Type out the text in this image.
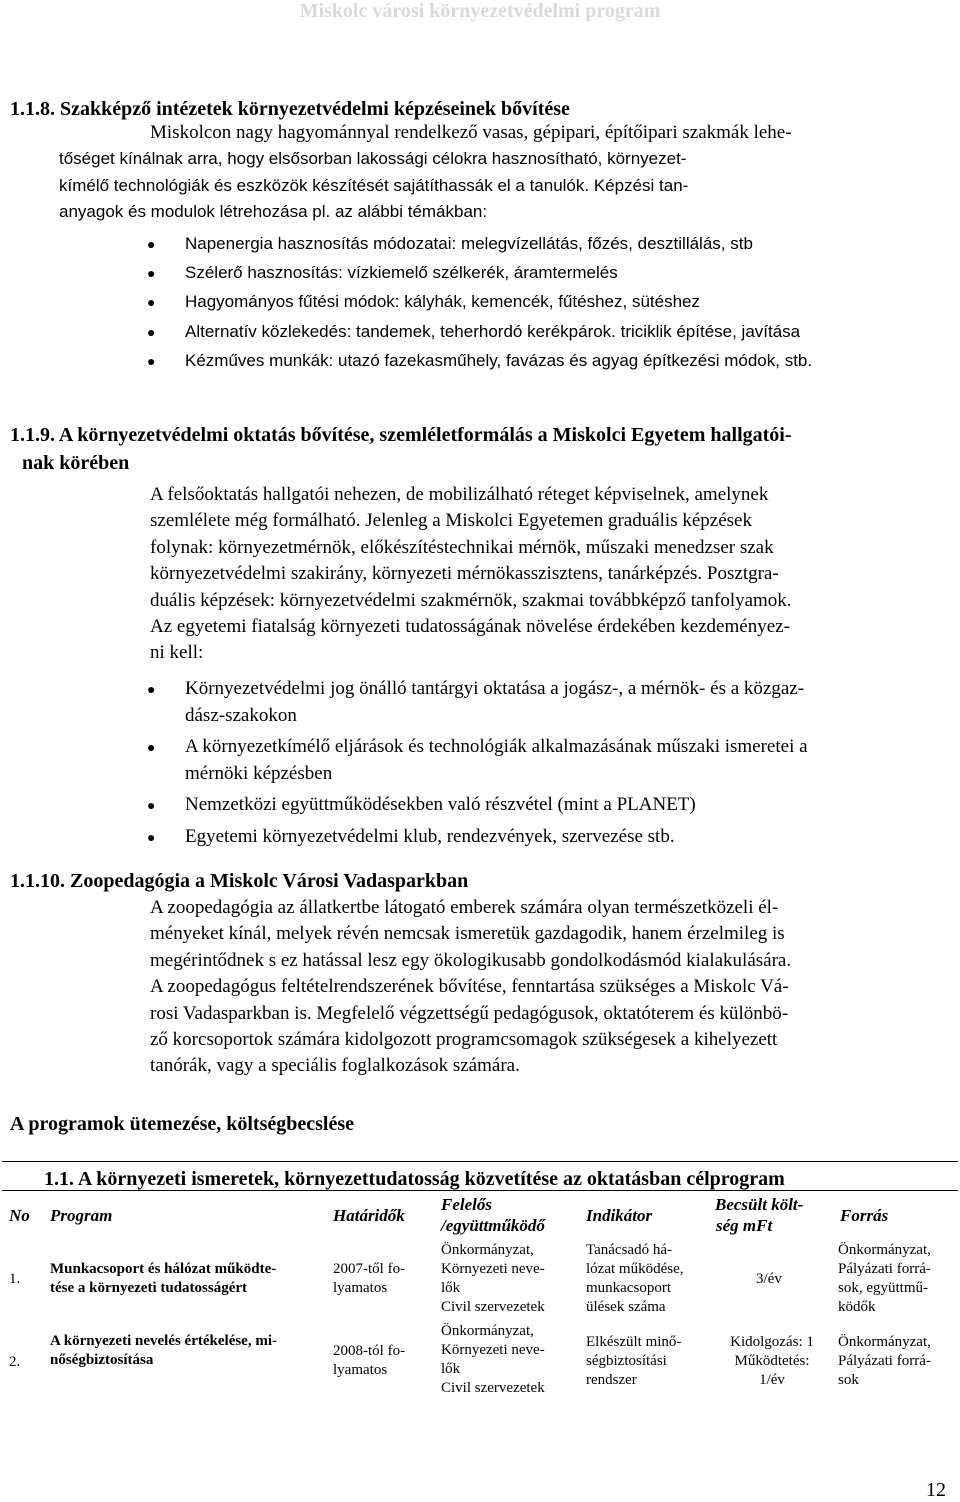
Miskolc városi környezetvédelmi program
1.1.8. Szakképző intézetek környezetvédelmi képzéseinek bővítése
Miskolcon nagy hagyománnyal rendelkező vasas, gépipari, építőipari szakmák lehe-
tőséget kínálnak arra, hogy elsősorban lakossági célokra hasznosítható, környezet-
kímélő technológiák és eszközök készítését sajátíthassák el a tanulók. Képzési tan-
anyagok és modulok létrehozása pl. az alábbi témákban:
● Napenergia hasznosítás módozatai: melegvízellátás, főzés, desztillálás, stb
● Szélerő hasznosítás: vízkiemelő szélkerék, áramtermelés
● Hagyományos fűtési módok: kályhák, kemencék, fűtéshez, sütéshez
● Alternatív közlekedés: tandemek, teherhordó kerékpárok. triciklik építése, javítása
● Kézműves munkák: utazó fazekasműhely, favázas és agyag építkezési módok, stb.
1.1.9. A környezetvédelmi oktatás bővítése, szemléletformálás a Miskolci Egyetem hallgatói-
nak körében
A felsőoktatás hallgatói nehezen, de mobilizálható réteget képviselnek, amelynek
szemlélete még formálható. Jelenleg a Miskolci Egyetemen graduális képzések
folynak: környezetmérnök, előkészítéstechnikai mérnök, műszaki menedzser szak
környezetvédelmi szakirány, környezeti mérnökasszisztens, tanárképzés. Posztgra-
duális képzések: környezetvédelmi szakmérnök, szakmai továbbképző tanfolyamok.
Az egyetemi fiatalság környezeti tudatosságának növelése érdekében kezdeményez-
ni kell:
● Környezetvédelmi jog önálló tantárgyi oktatása a jogász-, a mérnök- és a közgaz-
dász-szakokon
● A környezetkímélő eljárások és technológiák alkalmazásának műszaki ismeretei a
mérnöki képzésben
● Nemzetközi együttműködésekben való részvétel (mint a PLANET)
● Egyetemi környezetvédelmi klub, rendezvények, szervezése stb.
1.1.10. Zoopedagógia a Miskolc Városi Vadasparkban
A zoopedagógia az állatkertbe látogató emberek számára olyan természetközeli él-
ményeket kínál, melyek révén nemcsak ismeretük gazdagodik, hanem érzelmileg is
megérintődnek s ez hatással lesz egy ökologikusabb gondolkodásmód kialakulására.
A zoopedagógus feltételrendszerének bővítése, fenntartása szükséges a Miskolc Vá-
rosi Vadasparkban is. Megfelelő végzettségű pedagógusok, oktatóterem és különbö-
ző korcsoportok számára kidolgozott programcsomagok szükségesek a kihelyezett
tanórák, vagy a speciális foglalkozások számára.
A programok ütemezése, költségbecslése
1.1. A környezeti ismeretek, környezettudatosság közvetítése az oktatásban célprogram
No Program	Határidők
Felelős
/együttműködő
Indikátor
Becsült költ-
ség mFt
Forrás
1.
Munkacsoport és hálózat működte-
tése a környezeti tudatosságért
2007-től fo-
lyamatos
Önkormányzat,
Környezeti neve-
lők
Civil szervezetek
Tanácsadó há-
lózat működése,
munkacsoport
ülések száma
3/év
Önkormányzat,
Pályázati forrá-
sok, együttmű-
ködők
2.
A környezeti nevelés értékelése, mi-
nőségbiztosítása
2008-tól fo-
lyamatos
Önkormányzat,
Környezeti neve-
lők
Civil szervezetek
Elkészült minő-
ségbiztosítási
rendszer
Kidolgozás: 1
Működtetés:
1/év
Önkormányzat,
Pályázati forrá-
sok
12
